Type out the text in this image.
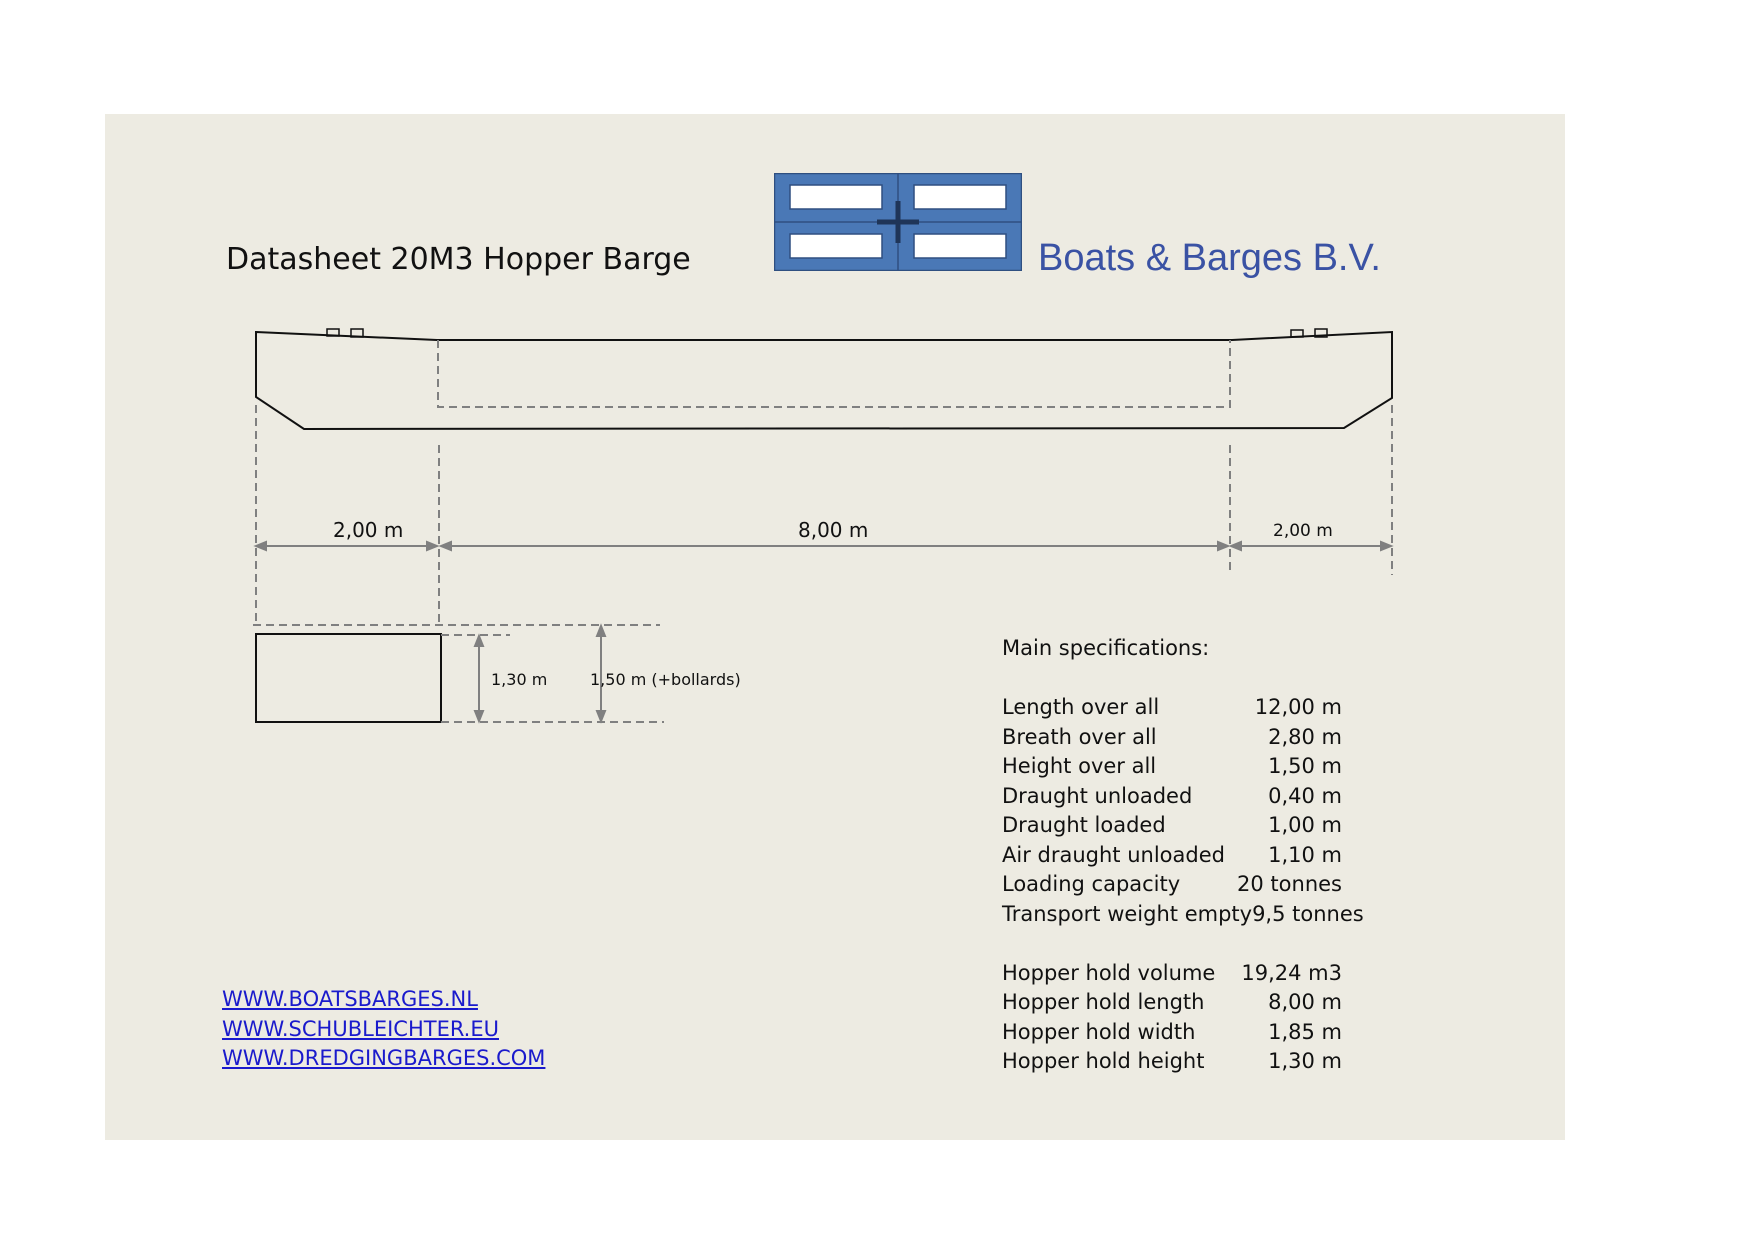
Datasheet 20M3 Hopper Barge	Boats & Barges B.V.
2,00 m	8,00 m	2,00 m
1,30 m	1,50 m (+bollards)
Main specifications:
Length over all	12,00 m
Breath over all	2,80 m
Height over all	1,50 m
Draught unloaded	0,40 m
Draught loaded	1,00 m
Air draught unloaded 1,10 m
Loading capacity	20 tonnes
Transport weight empty 9,5 tonnes
Hopper hold volume 19,24 m3
Hopper hold length	8,00 m
Hopper hold width	1,85 m
Hopper hold height	1,30 m
WWW.BOATSBARGES.NL
WWW.SCHUBLEICHTER.EU
WWW.DREDGINGBARGES.COM
